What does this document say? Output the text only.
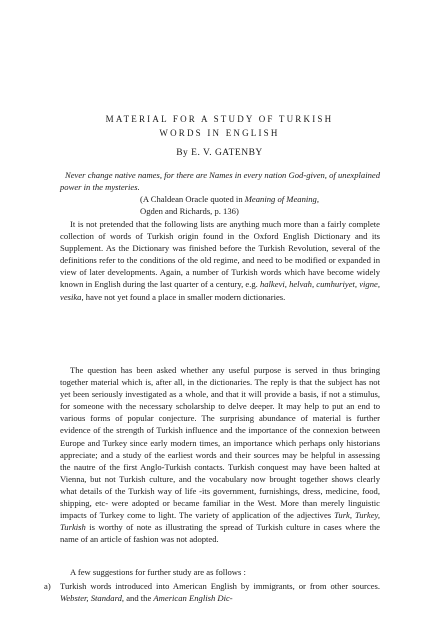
MATERIAL FOR A STUDY OF TURKISH
WORDS IN ENGLISH
By E. V. GATENBY

Never change native names, for there are Names in every nation God-given, of unexplained power in the mysteries.

(A Chaldean Oracle quoted in Meaning of Meaning,
Ogden and Richards, p. 136)

It is not pretended that the following lists are anything much more than a fairly complete collection of words of Turkish origin found in the Oxford English Dictionary and its Supplement. As the Dictionary was finished before the Turkish Revolution, several of the definitions refer to the conditions of the old regime, and need to be modified or expanded in view of later developments. Again, a number of Turkish words which have become widely known in English during the last quarter of a century, e.g. halkevi, helvah, cumhuriyet, vigne, vesika, have not yet found a place in smaller modern dictionaries.

The question has been asked whether any useful purpose is served in thus bringing together material which is, after all, in the dictionaries. The reply is that the subject has not yet been seriously investigated as a whole, and that it will provide a basis, if not a stimulus, for someone with the necessary scholarship to delve deeper. It may help to put an end to various forms of popular conjecture. The surprising abundance of material is further evidence of the strength of Turkish influence and the importance of the connexion between Europe and Turkey since early modern times, an importance which perhaps only historians appreciate; and a study of the earliest words and their sources may be helpful in assessing the nautre of the first Anglo-Turkish contacts. Turkish conquest may have been halted at Vienna, but not Turkish culture, and the vocabulary now brought together shows clearly what details of the Turkish way of life -its government, furnishings, dress, medicine, food, shipping, etc- were adopted or became familiar in the West. More than merely linguistic impacts of Turkey come to light. The variety of application of the adjectives Turk, Turkey, Turkish is worthy of note as illustrating the spread of Turkish culture in cases where the name of an article of fashion was not adopted.

A few suggestions for further study are as follows :

a) Turkish words introduced into American English by immigrants, or from other sources. Webster, Standard, and the American English Dic-
